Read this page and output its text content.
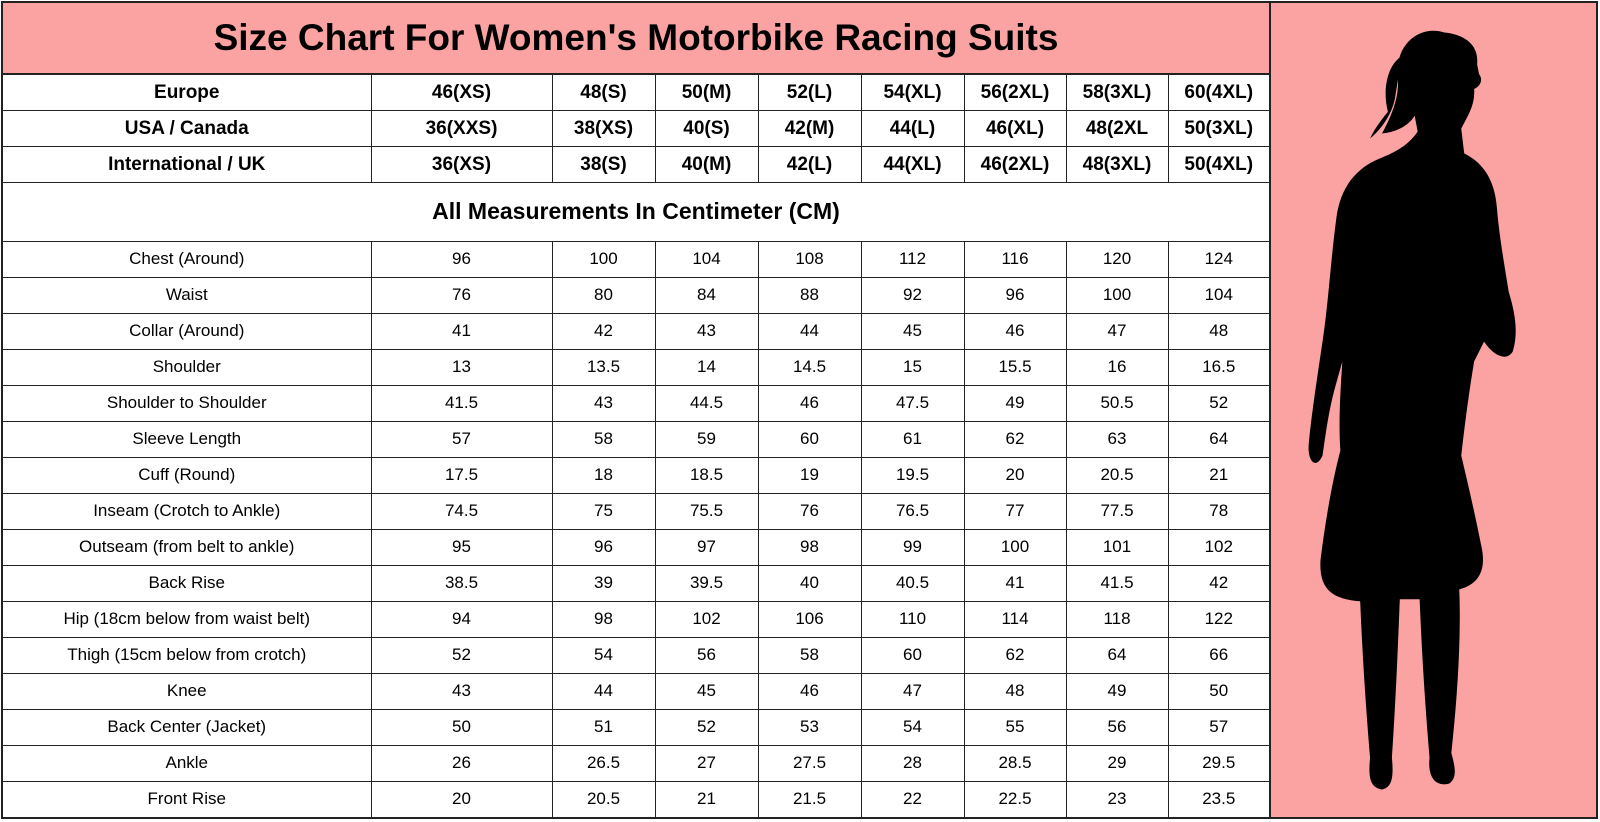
Size Chart For Women's Motorbike Racing Suits
Europe	46(XS)	48(S)	50(M)	52(L)	54(XL)	56(2XL)	58(3XL)	60(4XL)
USA / Canada	36(XXS)	38(XS)	40(S)	42(M)	44(L)	46(XL)	48(2XL	50(3XL)
International / UK	36(XS)	38(S)	40(M)	42(L)	44(XL)	46(2XL)	48(3XL)	50(4XL)
All Measurements In Centimeter (CM)								
Chest (Around)	96	100	104	108	112	116	120	124
Waist	76	80	84	88	92	96	100	104
Collar (Around)	41	42	43	44	45	46	47	48
Shoulder	13	13.5	14	14.5	15	15.5	16	16.5
Shoulder to Shoulder	41.5	43	44.5	46	47.5	49	50.5	52
Sleeve Length	57	58	59	60	61	62	63	64
Cuff (Round)	17.5	18	18.5	19	19.5	20	20.5	21
Inseam (Crotch to Ankle)	74.5	75	75.5	76	76.5	77	77.5	78
Outseam (from belt to ankle)	95	96	97	98	99	100	101	102
Back Rise	38.5	39	39.5	40	40.5	41	41.5	42
Hip (18cm below from waist belt)	94	98	102	106	110	114	118	122
Thigh (15cm below from crotch)	52	54	56	58	60	62	64	66
Knee	43	44	45	46	47	48	49	50
Back Center (Jacket)	50	51	52	53	54	55	56	57
Ankle	26	26.5	27	27.5	28	28.5	29	29.5
Front Rise	20	20.5	21	21.5	22	22.5	23	23.5
